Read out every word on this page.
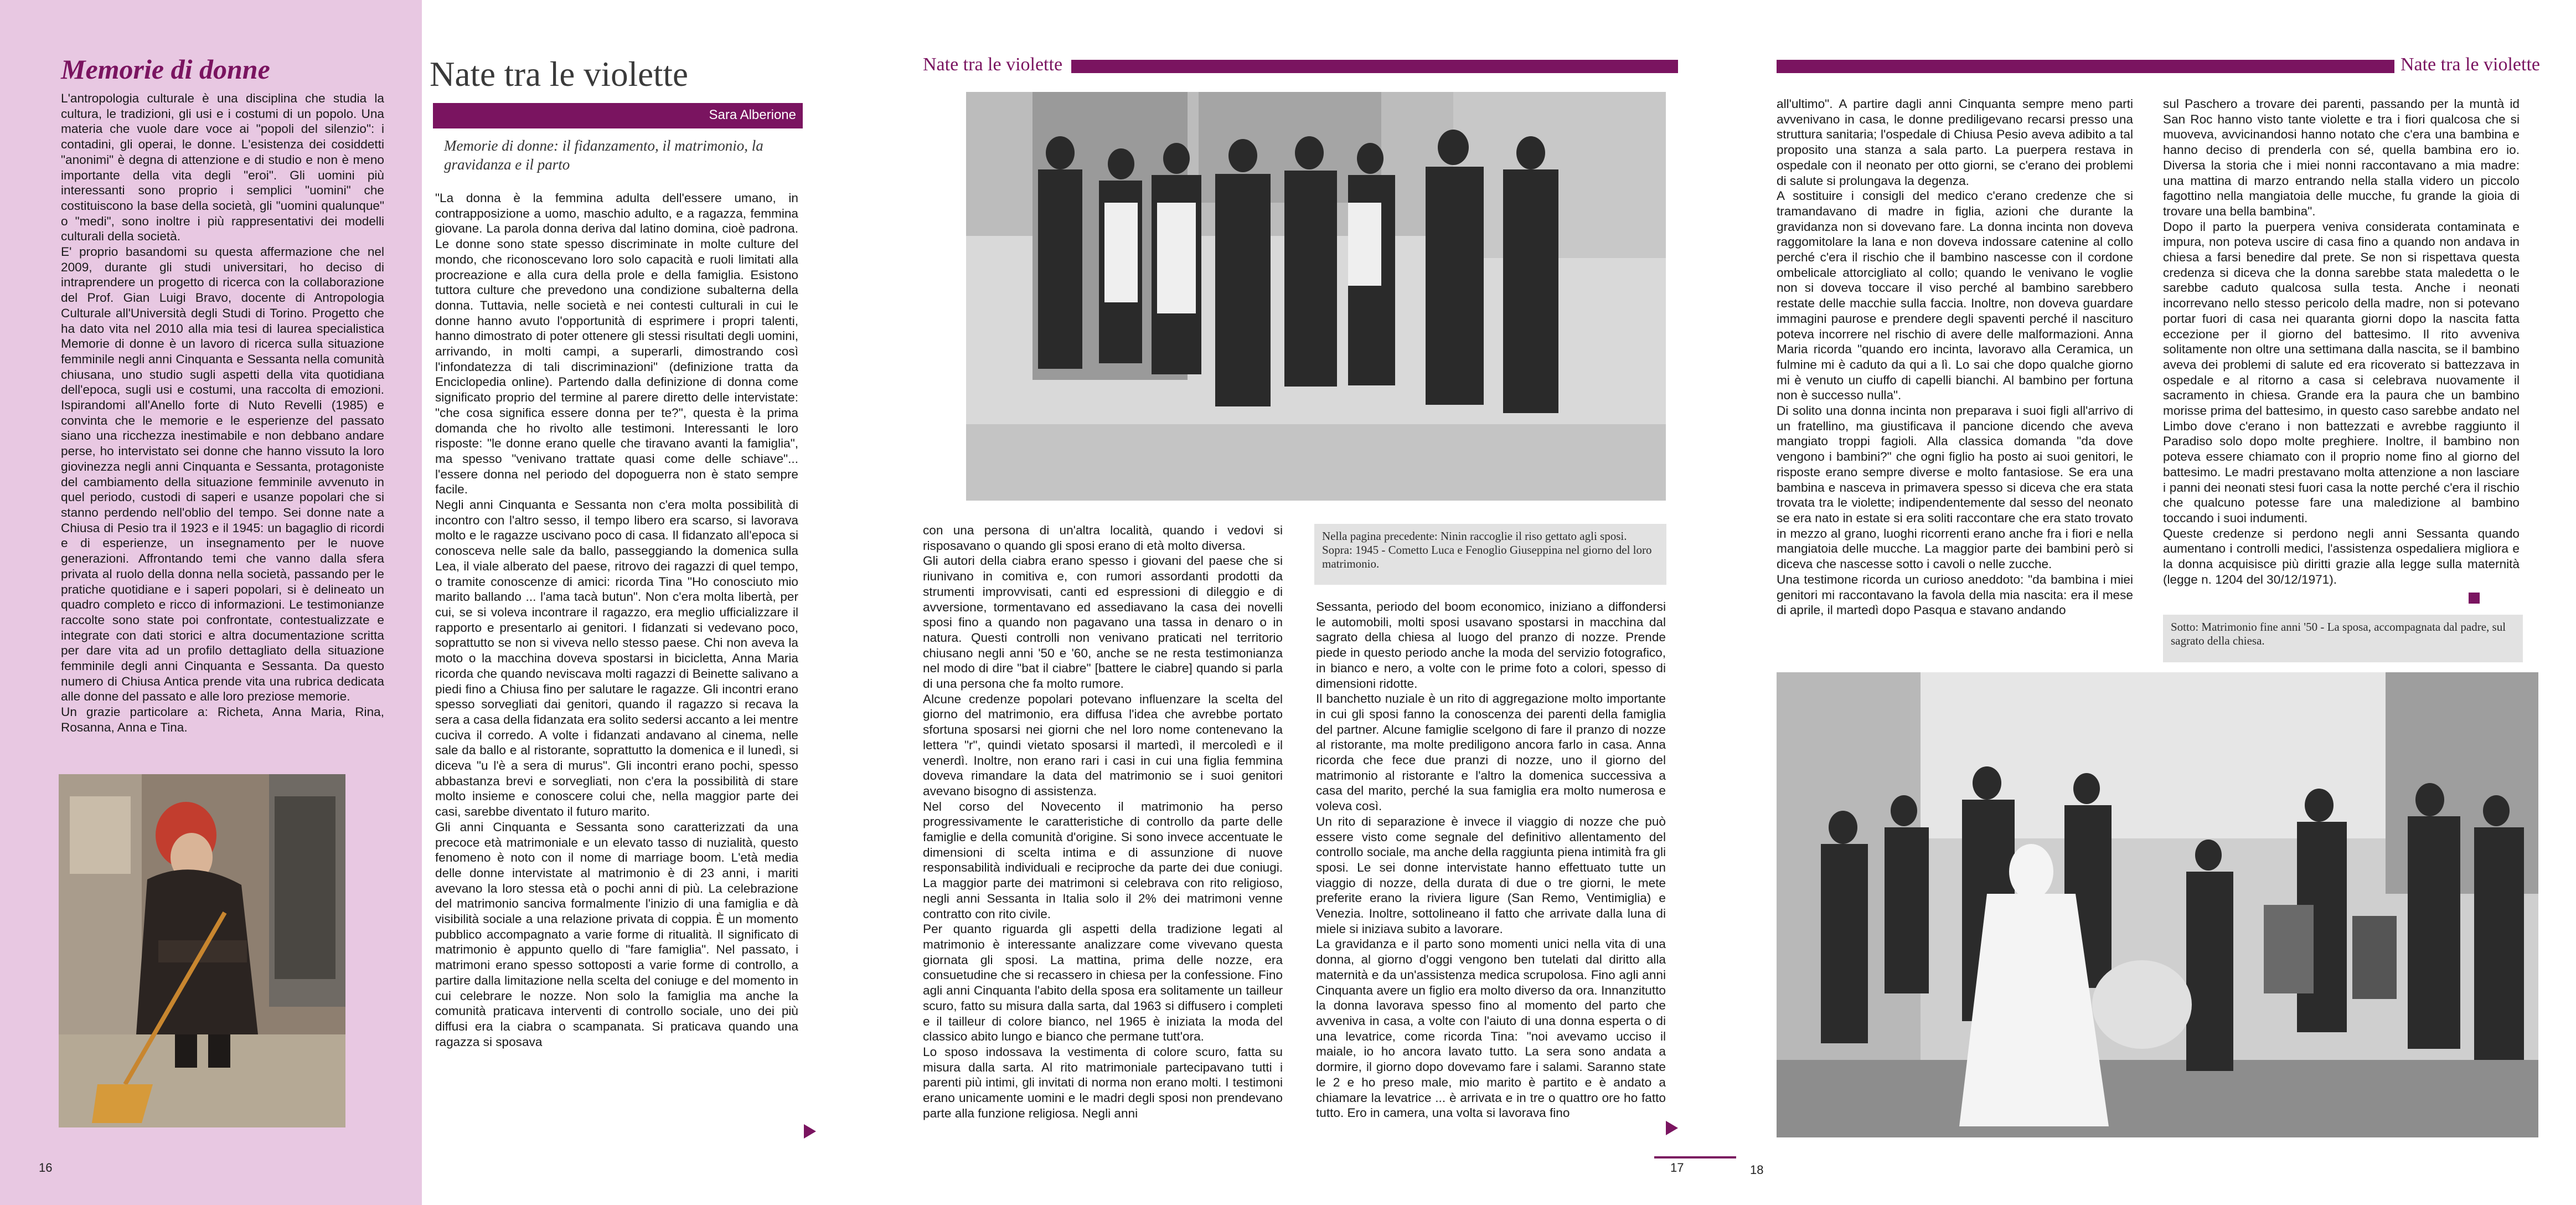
Memorie di donne

L'antropologia culturale è una disciplina che studia la cultura, le tradizioni, gli usi e i costumi di un popolo. Una materia che vuole dare voce ai "popoli del silenzio": i contadini, gli operai, le donne. L'esistenza dei cosiddetti "anonimi" è degna di attenzione e di studio e non è meno importante della vita degli "eroi". Gli uomini più interessanti sono proprio i semplici "uomini" che costituiscono la base della società, gli "uomini qualunque" o "medi", sono inoltre i più rappresentativi dei modelli culturali della società.

E' proprio basandomi su questa affermazione che nel 2009, durante gli studi universitari, ho deciso di intraprendere un progetto di ricerca con la collaborazione del Prof. Gian Luigi Bravo, docente di Antropologia Culturale all'Università degli Studi di Torino. Progetto che ha dato vita nel 2010 alla mia tesi di laurea specialistica Memorie di donne è un lavoro di ricerca sulla situazione femminile negli anni Cinquanta e Sessanta nella comunità chiusana, uno studio sugli aspetti della vita quotidiana dell'epoca, sugli usi e costumi, una raccolta di emozioni. Ispirandomi all'Anello forte di Nuto Revelli (1985) e convinta che le memorie e le esperienze del passato siano una ricchezza inestimabile e non debbano andare perse, ho intervistato sei donne che hanno vissuto la loro giovinezza negli anni Cinquanta e Sessanta, protagoniste del cambiamento della situazione femminile avvenuto in quel periodo, custodi di saperi e usanze popolari che si stanno perdendo nell'oblio del tempo. Sei donne nate a Chiusa di Pesio tra il 1923 e il 1945: un bagaglio di ricordi e di esperienze, un insegnamento per le nuove generazioni. Affrontando temi che vanno dalla sfera privata al ruolo della donna nella società, passando per le pratiche quotidiane e i saperi popolari, si è delineato un quadro completo e ricco di informazioni. Le testimonianze raccolte sono state poi confrontate, contestualizzate e integrate con dati storici e altra documentazione scritta per dare vita ad un profilo dettagliato della situazione femminile degli anni Cinquanta e Sessanta. Da questo numero di Chiusa Antica prende vita una rubrica dedicata alle donne del passato e alle loro preziose memorie.

Un grazie particolare a: Richeta, Anna Maria, Rina, Rosanna, Anna e Tina.

16
Nate tra le violette
Sara Alberione
Memorie di donne: il fidanzamento, il matrimonio, la gravidanza e il parto
Nate tra le violette

"La donna è la femmina adulta dell'essere umano, in contrapposizione a uomo, maschio adulto, e a ragazza, femmina giovane. La parola donna deriva dal latino domina, cioè padrona. Le donne sono state spesso discriminate in molte culture del mondo, che riconoscevano loro solo capacità e ruoli limitati alla procreazione e alla cura della prole e della famiglia. Esistono tuttora culture che prevedono una condizione subalterna della donna. Tuttavia, nelle società e nei contesti culturali in cui le donne hanno avuto l'opportunità di esprimere i propri talenti, hanno dimostrato di poter ottenere gli stessi risultati degli uomini, arrivando, in molti campi, a superarli, dimostrando così l'infondatezza di tali discriminazioni" (definizione tratta da Enciclopedia online). Partendo dalla definizione di donna come significato proprio del termine al parere diretto delle intervistate: "che cosa significa essere donna per te?", questa è la prima domanda che ho rivolto alle testimoni. Interessanti le loro risposte: "le donne erano quelle che tiravano avanti la famiglia", ma spesso "venivano trattate quasi come delle schiave"... l'essere donna nel periodo del dopoguerra non è stato sempre facile.

Negli anni Cinquanta e Sessanta non c'era molta possibilità di incontro con l'altro sesso, il tempo libero era scarso, si lavorava molto e le ragazze uscivano poco di casa. Il fidanzato all'epoca si conosceva nelle sale da ballo, passeggiando la domenica sulla Lea, il viale alberato del paese, ritrovo dei ragazzi di quel tempo, o tramite conoscenze di amici: ricorda Tina "Ho conosciuto mio marito ballando ... l'ama tacà butun". Non c'era molta libertà, per cui, se si voleva incontrare il ragazzo, era meglio ufficializzare il rapporto e presentarlo ai genitori. I fidanzati si vedevano poco, soprattutto se non si viveva nello stesso paese. Chi non aveva la moto o la macchina doveva spostarsi in bicicletta, Anna Maria ricorda che quando neviscava molti ragazzi di Beinette salivano a piedi fino a Chiusa fino per salutare le ragazze. Gli incontri erano spesso sorvegliati dai genitori, quando il ragazzo si recava la sera a casa della fidanzata era solito sedersi accanto a lei mentre cuciva il corredo. A volte i fidanzati andavano al cinema, nelle sale da ballo e al ristorante, soprattutto la domenica e il lunedì, si diceva "u l'è a sera di murus". Gli incontri erano pochi, spesso abbastanza brevi e sorvegliati, non c'era la possibilità di stare molto insieme e conoscere colui che, nella maggior parte dei casi, sarebbe diventato il futuro marito.

Gli anni Cinquanta e Sessanta sono caratterizzati da una precoce età matrimoniale e un elevato tasso di nuzialità, questo fenomeno è noto con il nome di marriage boom. L'età media delle donne intervistate al matrimonio è di 23 anni, i mariti avevano la loro stessa età o pochi anni di più. La celebrazione del matrimonio sanciva formalmente l'inizio di una famiglia e dà visibilità sociale a una relazione privata di coppia. È un momento pubblico accompagnato a varie forme di ritualità. Il significato di matrimonio è appunto quello di "fare famiglia". Nel passato, i matrimoni erano spesso sottoposti a varie forme di controllo, a partire dalla limitazione nella scelta del coniuge e del momento in cui celebrare le nozze. Non solo la famiglia ma anche la comunità praticava interventi di controllo sociale, uno dei più diffusi era la ciabra o scampanata. Si praticava quando una ragazza si sposava

con una persona di un'altra località, quando i vedovi si risposavano o quando gli sposi erano di età molto diversa.

Gli autori della ciabra erano spesso i giovani del paese che si riunivano in comitiva e, con rumori assordanti prodotti da strumenti improvvisati, canti ed espressioni di dileggio e di avversione, tormentavano ed assediavano la casa dei novelli sposi fino a quando non pagavano una tassa in denaro o in natura. Questi controlli non venivano praticati nel territorio chiusano negli anni '50 e '60, anche se ne resta testimonianza nel modo di dire "bat il ciabre" [battere le ciabre] quando si parla di una persona che fa molto rumore.

Alcune credenze popolari potevano influenzare la scelta del giorno del matrimonio, era diffusa l'idea che avrebbe portato sfortuna sposarsi nei giorni che nel loro nome contenevano la lettera "r", quindi vietato sposarsi il martedì, il mercoledì e il venerdì. Inoltre, non erano rari i casi in cui una figlia femmina doveva rimandare la data del matrimonio se i suoi genitori avevano bisogno di assistenza.

Nel corso del Novecento il matrimonio ha perso progressivamente le caratteristiche di controllo da parte delle famiglie e della comunità d'origine. Si sono invece accentuate le dimensioni di scelta intima e di assunzione di nuove responsabilità individuali e reciproche da parte dei due coniugi. La maggior parte dei matrimoni si celebrava con rito religioso, negli anni Sessanta in Italia solo il 2% dei matrimoni venne contratto con rito civile.

Per quanto riguarda gli aspetti della tradizione legati al matrimonio è interessante analizzare come vivevano questa giornata gli sposi. La mattina, prima delle nozze, era consuetudine che si recassero in chiesa per la confessione. Fino agli anni Cinquanta l'abito della sposa era solitamente un tailleur scuro, fatto su misura dalla sarta, dal 1963 si diffusero i completi e il tailleur di colore bianco, nel 1965 è iniziata la moda del classico abito lungo e bianco che permane tutt'ora.

Lo sposo indossava la vestimenta di colore scuro, fatta su misura dalla sarta. Al rito matrimoniale partecipavano tutti i parenti più intimi, gli invitati di norma non erano molti. I testimoni erano unicamente uomini e le madri degli sposi non prendevano parte alla funzione religiosa. Negli anni

Nella pagina precedente: Ninin raccoglie il riso gettato agli sposi.
Sopra: 1945 - Cometto Luca e Fenoglio Giuseppina nel giorno del loro matrimonio.

Sessanta, periodo del boom economico, iniziano a diffondersi le automobili, molti sposi usavano spostarsi in macchina dal sagrato della chiesa al luogo del pranzo di nozze. Prende piede in questo periodo anche la moda del servizio fotografico, in bianco e nero, a volte con le prime foto a colori, spesso di dimensioni ridotte.

Il banchetto nuziale è un rito di aggregazione molto importante in cui gli sposi fanno la conoscenza dei parenti della famiglia del partner. Alcune famiglie scelgono di fare il pranzo di nozze al ristorante, ma molte prediligono ancora farlo in casa. Anna ricorda che fece due pranzi di nozze, uno il giorno del matrimonio al ristorante e l'altro la domenica successiva a casa del marito, perché la sua famiglia era molto numerosa e voleva così.

Un rito di separazione è invece il viaggio di nozze che può essere visto come segnale del definitivo allentamento del controllo sociale, ma anche della raggiunta piena intimità fra gli sposi. Le sei donne intervistate hanno effettuato tutte un viaggio di nozze, della durata di due o tre giorni, le mete preferite erano la riviera ligure (San Remo, Ventimiglia) e Venezia. Inoltre, sottolineano il fatto che arrivate dalla luna di miele si iniziava subito a lavorare.

La gravidanza e il parto sono momenti unici nella vita di una donna, al giorno d'oggi vengono ben tutelati dal diritto alla maternità e da un'assistenza medica scrupolosa. Fino agli anni Cinquanta avere un figlio era molto diverso da ora. Innanzitutto la donna lavorava spesso fino al momento del parto che avveniva in casa, a volte con l'aiuto di una donna esperta o di una levatrice, come ricorda Tina: "noi avevamo ucciso il maiale, io ho ancora lavato tutto. La sera sono andata a dormire, il giorno dopo dovevamo fare i salami. Saranno state le 2 e ho preso male, mio marito è partito e è andato a chiamare la levatrice ... è arrivata e in tre o quattro ore ho fatto tutto. Ero in camera, una volta si lavorava fino

17
Nate tra le violette

all'ultimo". A partire dagli anni Cinquanta sempre meno parti avvenivano in casa, le donne prediligevano recarsi presso una struttura sanitaria; l'ospedale di Chiusa Pesio aveva adibito a tal proposito una stanza a sala parto. La puerpera restava in ospedale con il neonato per otto giorni, se c'erano dei problemi di salute si prolungava la degenza.

A sostituire i consigli del medico c'erano credenze che si tramandavano di madre in figlia, azioni che durante la gravidanza non si dovevano fare. La donna incinta non doveva raggomitolare la lana e non doveva indossare catenine al collo perché c'era il rischio che il bambino nascesse con il cordone ombelicale attorcigliato al collo; quando le venivano le voglie non si doveva toccare il viso perché al bambino sarebbero restate delle macchie sulla faccia. Inoltre, non doveva guardare immagini paurose e prendere degli spaventi perché il nascituro poteva incorrere nel rischio di avere delle malformazioni. Anna Maria ricorda "quando ero incinta, lavoravo alla Ceramica, un fulmine mi è caduto da qui a lì. Lo sai che dopo qualche giorno mi è venuto un ciuffo di capelli bianchi. Al bambino per fortuna non è successo nulla".

Di solito una donna incinta non preparava i suoi figli all'arrivo di un fratellino, ma giustificava il pancione dicendo che aveva mangiato troppi fagioli. Alla classica domanda "da dove vengono i bambini?" che ogni figlio ha posto ai suoi genitori, le risposte erano sempre diverse e molto fantasiose. Se era una bambina e nasceva in primavera spesso si diceva che era stata trovata tra le violette; indipendentemente dal sesso del neonato se era nato in estate si era soliti raccontare che era stato trovato in mezzo al grano, luoghi ricorrenti erano anche fra i fiori e nella mangiatoia delle mucche. La maggior parte dei bambini però si diceva che nascesse sotto i cavoli o nelle zucche.

Una testimone ricorda un curioso aneddoto: "da bambina i miei genitori mi raccontavano la favola della mia nascita: era il mese di aprile, il martedì dopo Pasqua e stavano andando

sul Paschero a trovare dei parenti, passando per la muntà id San Roc hanno visto tante violette e tra i fiori qualcosa che si muoveva, avvicinandosi hanno notato che c'era una bambina e hanno deciso di prenderla con sé, quella bambina ero io. Diversa la storia che i miei nonni raccontavano a mia madre: una mattina di marzo entrando nella stalla videro un piccolo fagottino nella mangiatoia delle mucche, fu grande la gioia di trovare una bella bambina".

Dopo il parto la puerpera veniva considerata contaminata e impura, non poteva uscire di casa fino a quando non andava in chiesa a farsi benedire dal prete. Se non si rispettava questa credenza si diceva che la donna sarebbe stata maledetta o le sarebbe caduto qualcosa sulla testa. Anche i neonati incorrevano nello stesso pericolo della madre, non si potevano portar fuori di casa nei quaranta giorni dopo la nascita fatta eccezione per il giorno del battesimo. Il rito avveniva solitamente non oltre una settimana dalla nascita, se il bambino aveva dei problemi di salute ed era ricoverato si battezzava in ospedale e al ritorno a casa si celebrava nuovamente il sacramento in chiesa. Grande era la paura che un bambino morisse prima del battesimo, in questo caso sarebbe andato nel Limbo dove c'erano i non battezzati e avrebbe raggiunto il Paradiso solo dopo molte preghiere. Inoltre, il bambino non poteva essere chiamato con il proprio nome fino al giorno del battesimo. Le madri prestavano molta attenzione a non lasciare i panni dei neonati stesi fuori casa la notte perché c'era il rischio che qualcuno potesse fare una maledizione al bambino toccando i suoi indumenti.

Queste credenze si perdono negli anni Sessanta quando aumentano i controlli medici, l'assistenza ospedaliera migliora e la donna acquisisce più diritti grazie alla legge sulla maternità (legge n. 1204 del 30/12/1971).

Sotto: Matrimonio fine anni '50 - La sposa, accompagnata dal padre, sul sagrato della chiesa.
18
